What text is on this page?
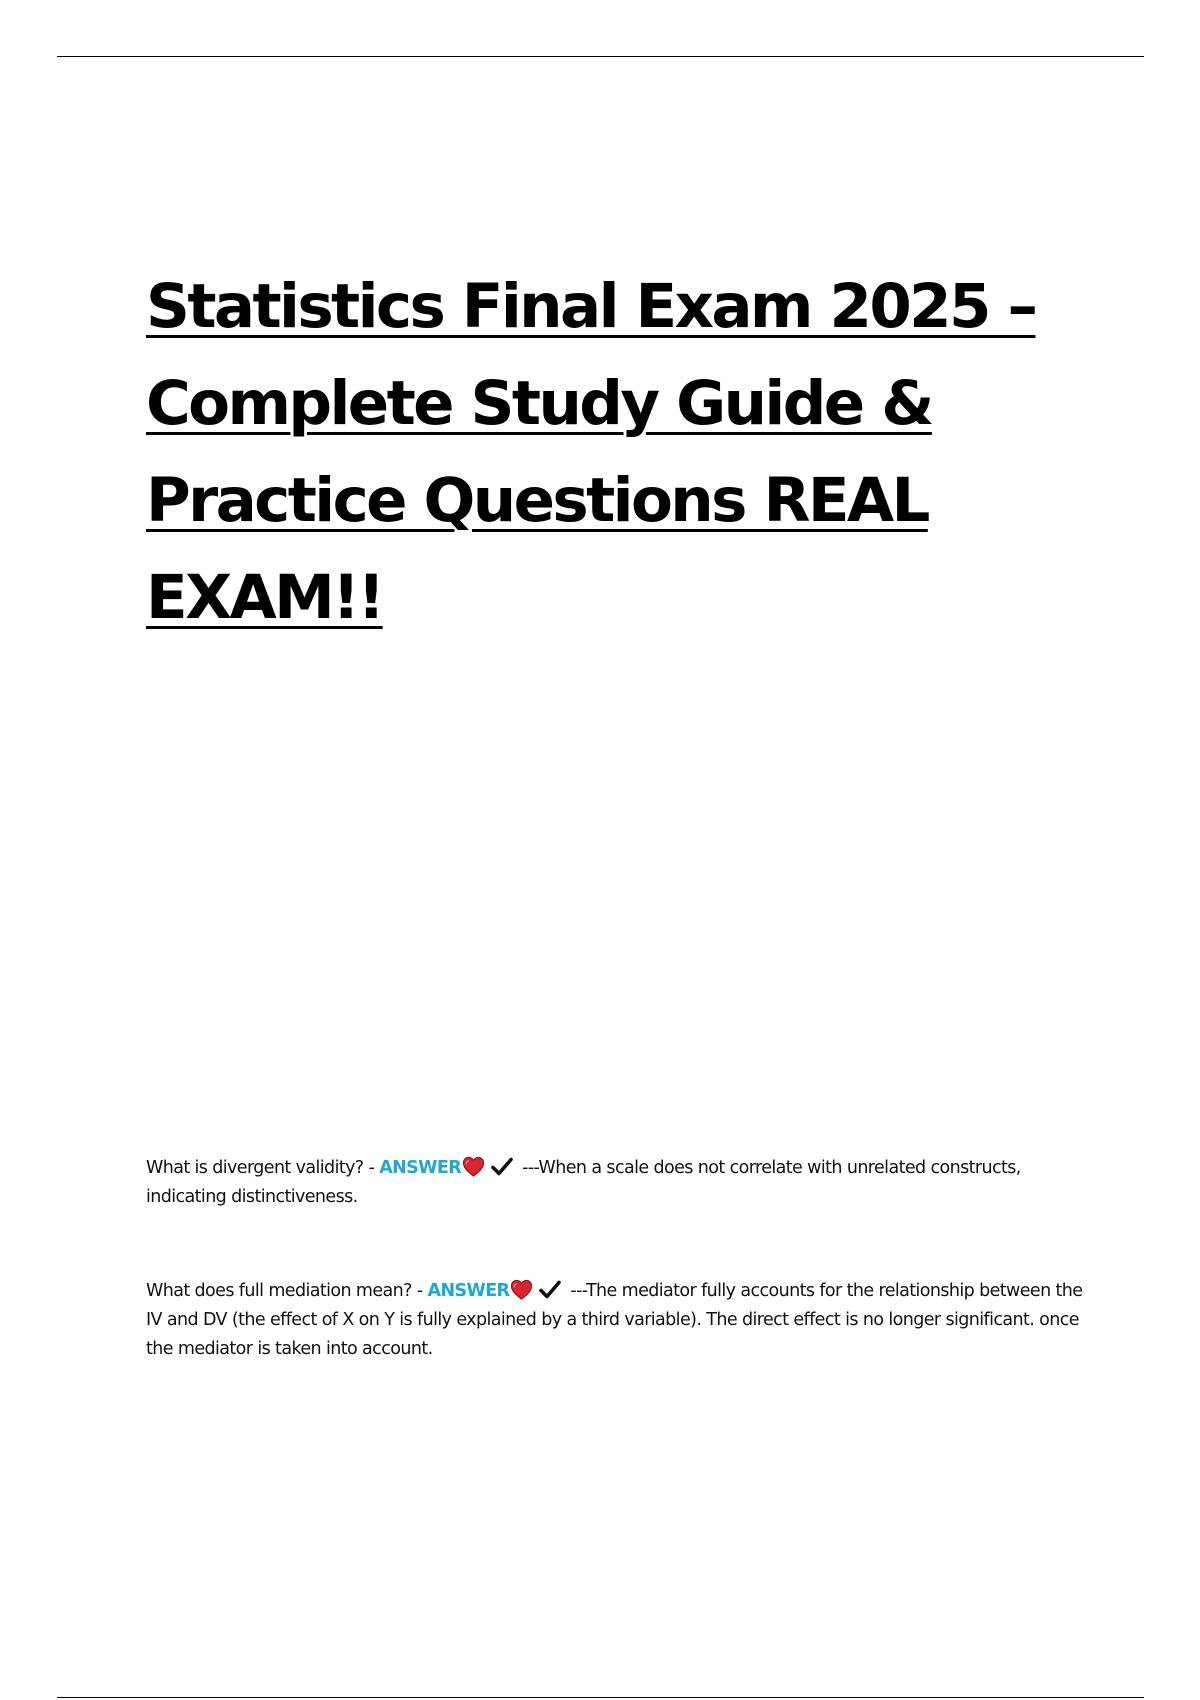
Statistics Final Exam 2025 –
Complete Study Guide &
Practice Questions REAL
EXAM!!

What is divergent validity? - ANSWER	---When a scale does not correlate with unrelated constructs, indicating distinctiveness.

What does full mediation mean? - ANSWER	---The mediator fully accounts for the relationship between the IV and DV (the effect of X on Y is fully explained by a third variable). The direct effect is no longer significant. once the mediator is taken into account.
